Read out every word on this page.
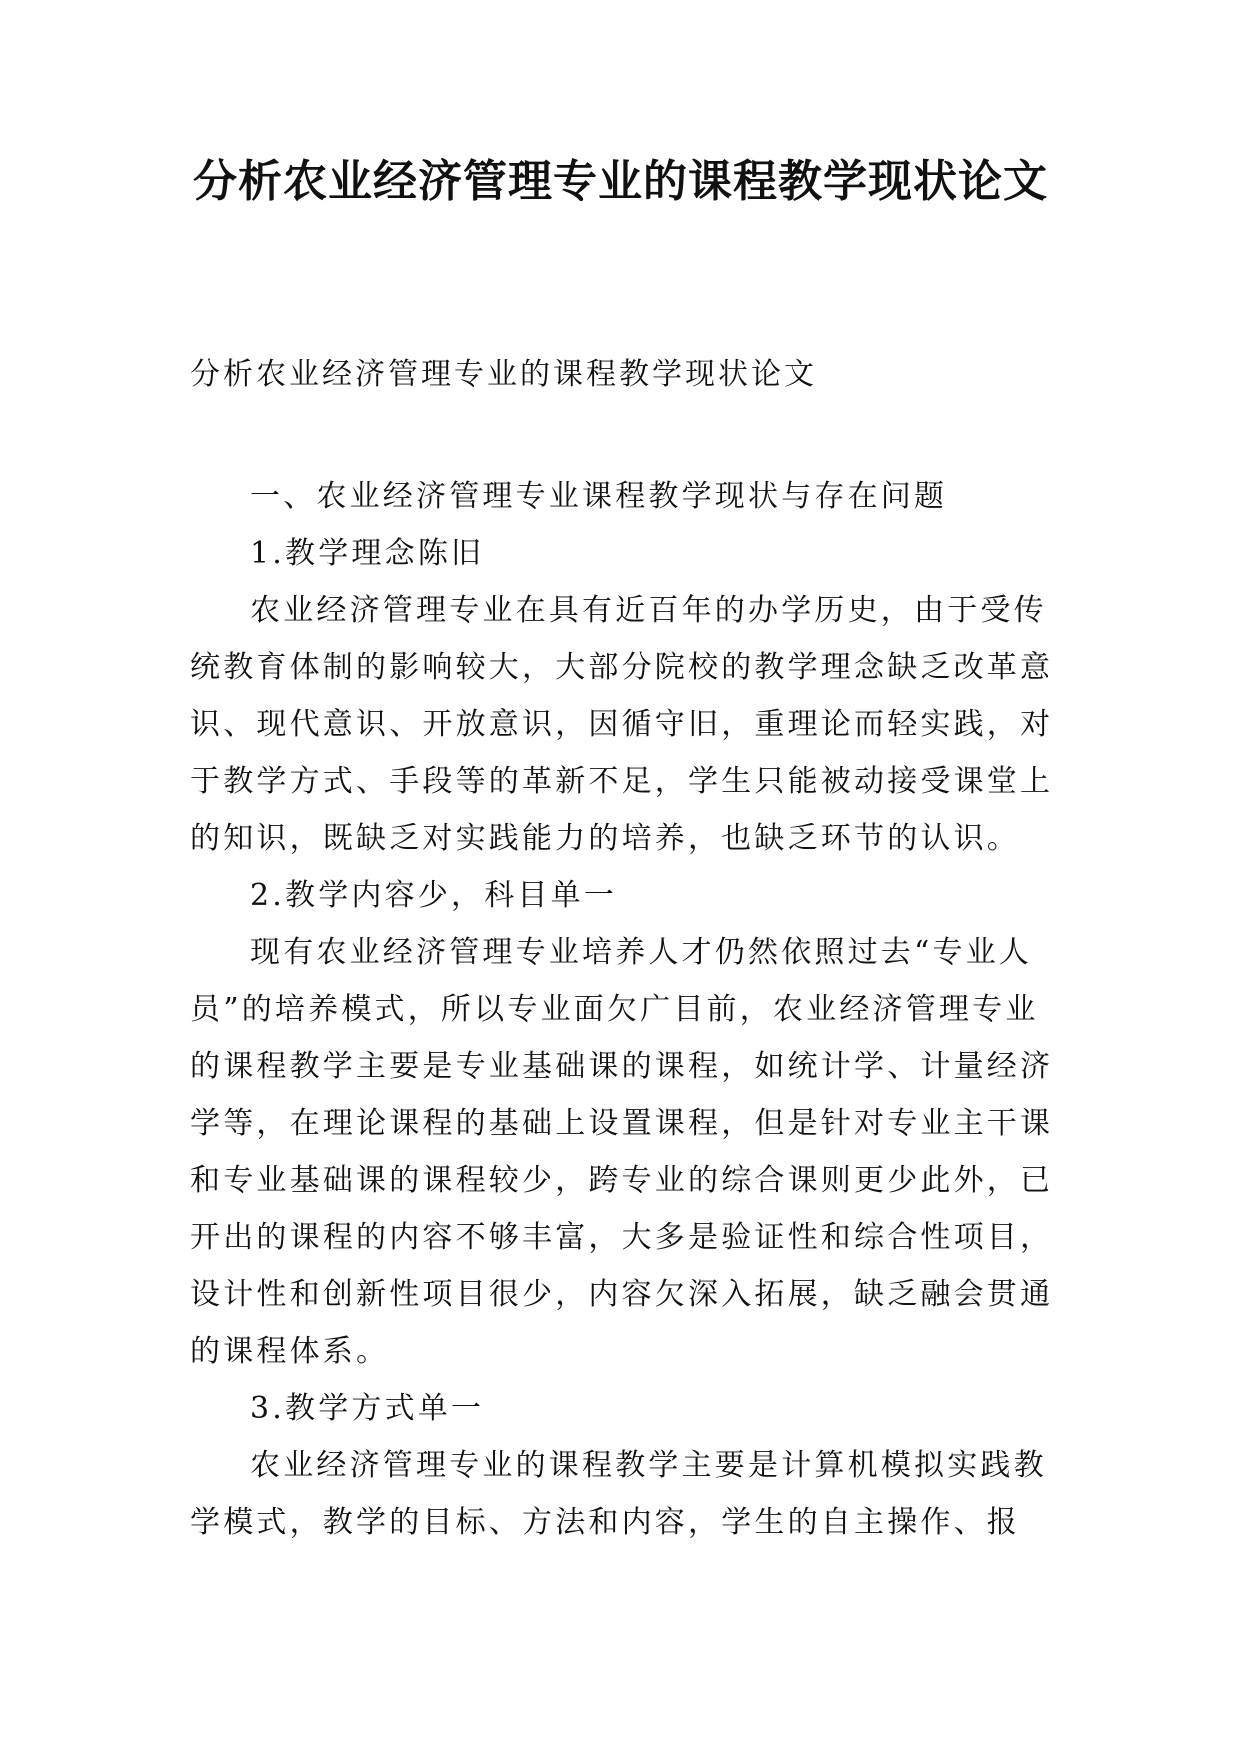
分析农业经济管理专业的课程教学现状论文

分析农业经济管理专业的课程教学现状论文

一、农业经济管理专业课程教学现状与存在问题

1.教学理念陈旧

农业经济管理专业在具有近百年的办学历史，由于受传统教育体制的影响较大，大部分院校的教学理念缺乏改革意识、现代意识、开放意识，因循守旧，重理论而轻实践，对于教学方式、手段等的革新不足，学生只能被动接受课堂上的知识，既缺乏对实践能力的培养，也缺乏环节的认识。

2.教学内容少，科目单一

现有农业经济管理专业培养人才仍然依照过去“专业人员”的培养模式，所以专业面欠广目前，农业经济管理专业的课程教学主要是专业基础课的课程，如统计学、计量经济学等，在理论课程的基础上设置课程，但是针对专业主干课和专业基础课的课程较少，跨专业的综合课则更少此外，已开出的课程的内容不够丰富，大多是验证性和综合性项目，设计性和创新性项目很少，内容欠深入拓展，缺乏融会贯通的课程体系。

3.教学方式单一

农业经济管理专业的课程教学主要是计算机模拟实践教学模式，教学的目标、方法和内容，学生的自主操作、报
